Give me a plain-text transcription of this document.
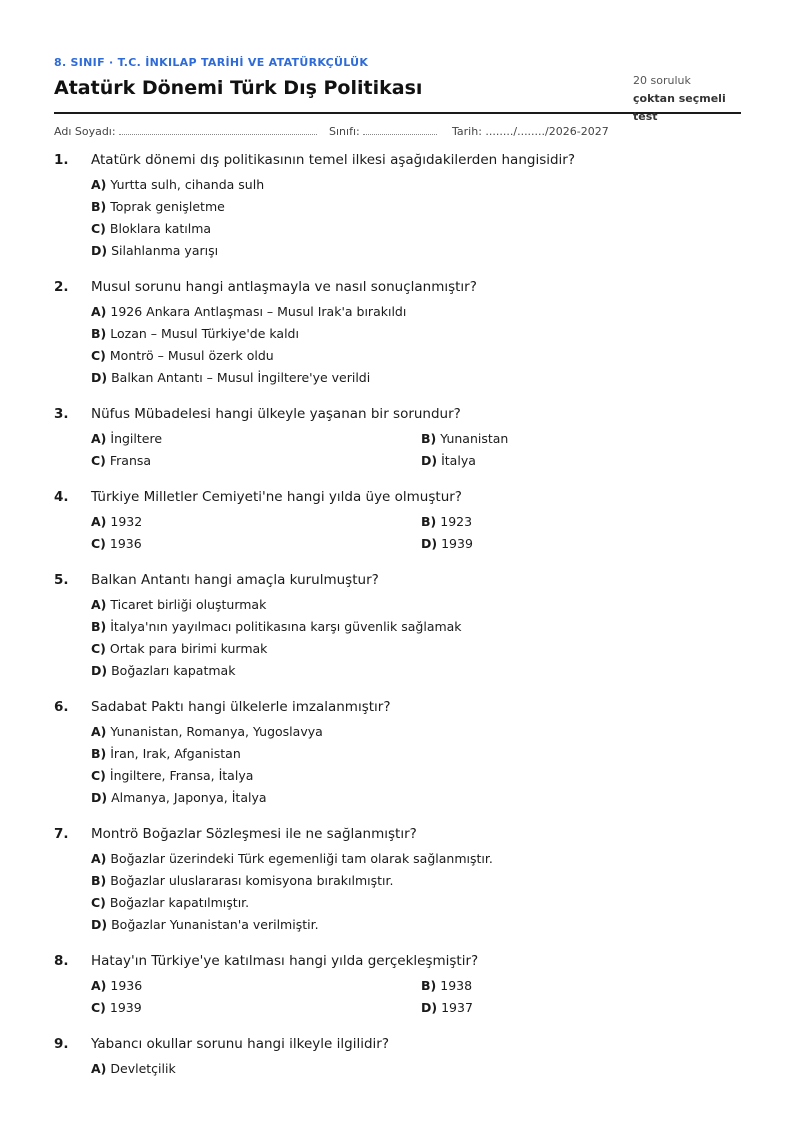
8. SINIF · T.C. İNKILAP TARİHİ VE ATATÜRKÇÜLÜK
Atatürk Dönemi Türk Dış Politikası	20 soruluk
çoktan seçmeli test
Adı Soyadı:	Sınıfı:	Tarih: ......../......../2026-2027
1. Atatürk dönemi dış politikasının temel ilkesi aşağıdakilerden hangisidir?
A) Yurtta sulh, cihanda sulh
B) Toprak genişletme
C) Bloklara katılma
D) Silahlanma yarışı
2. Musul sorunu hangi antlaşmayla ve nasıl sonuçlanmıştır?
A) 1926 Ankara Antlaşması – Musul Irak'a bırakıldı
B) Lozan – Musul Türkiye'de kaldı
C) Montrö – Musul özerk oldu
D) Balkan Antantı – Musul İngiltere'ye verildi
3. Nüfus Mübadelesi hangi ülkeyle yaşanan bir sorundur?
A) İngiltere	B) Yunanistan
C) Fransa	D) İtalya
4. Türkiye Milletler Cemiyeti'ne hangi yılda üye olmuştur?
A) 1932	B) 1923
C) 1936	D) 1939
5. Balkan Antantı hangi amaçla kurulmuştur?
A) Ticaret birliği oluşturmak
B) İtalya'nın yayılmacı politikasına karşı güvenlik sağlamak
C) Ortak para birimi kurmak
D) Boğazları kapatmak
6. Sadabat Paktı hangi ülkelerle imzalanmıştır?
A) Yunanistan, Romanya, Yugoslavya
B) İran, Irak, Afganistan
C) İngiltere, Fransa, İtalya
D) Almanya, Japonya, İtalya
7. Montrö Boğazlar Sözleşmesi ile ne sağlanmıştır?
A) Boğazlar üzerindeki Türk egemenliği tam olarak sağlanmıştır.
B) Boğazlar uluslararası komisyona bırakılmıştır.
C) Boğazlar kapatılmıştır.
D) Boğazlar Yunanistan'a verilmiştir.
8. Hatay'ın Türkiye'ye katılması hangi yılda gerçekleşmiştir?
A) 1936	B) 1938
C) 1939	D) 1937
9. Yabancı okullar sorunu hangi ilkeyle ilgilidir?
A) Devletçilik
